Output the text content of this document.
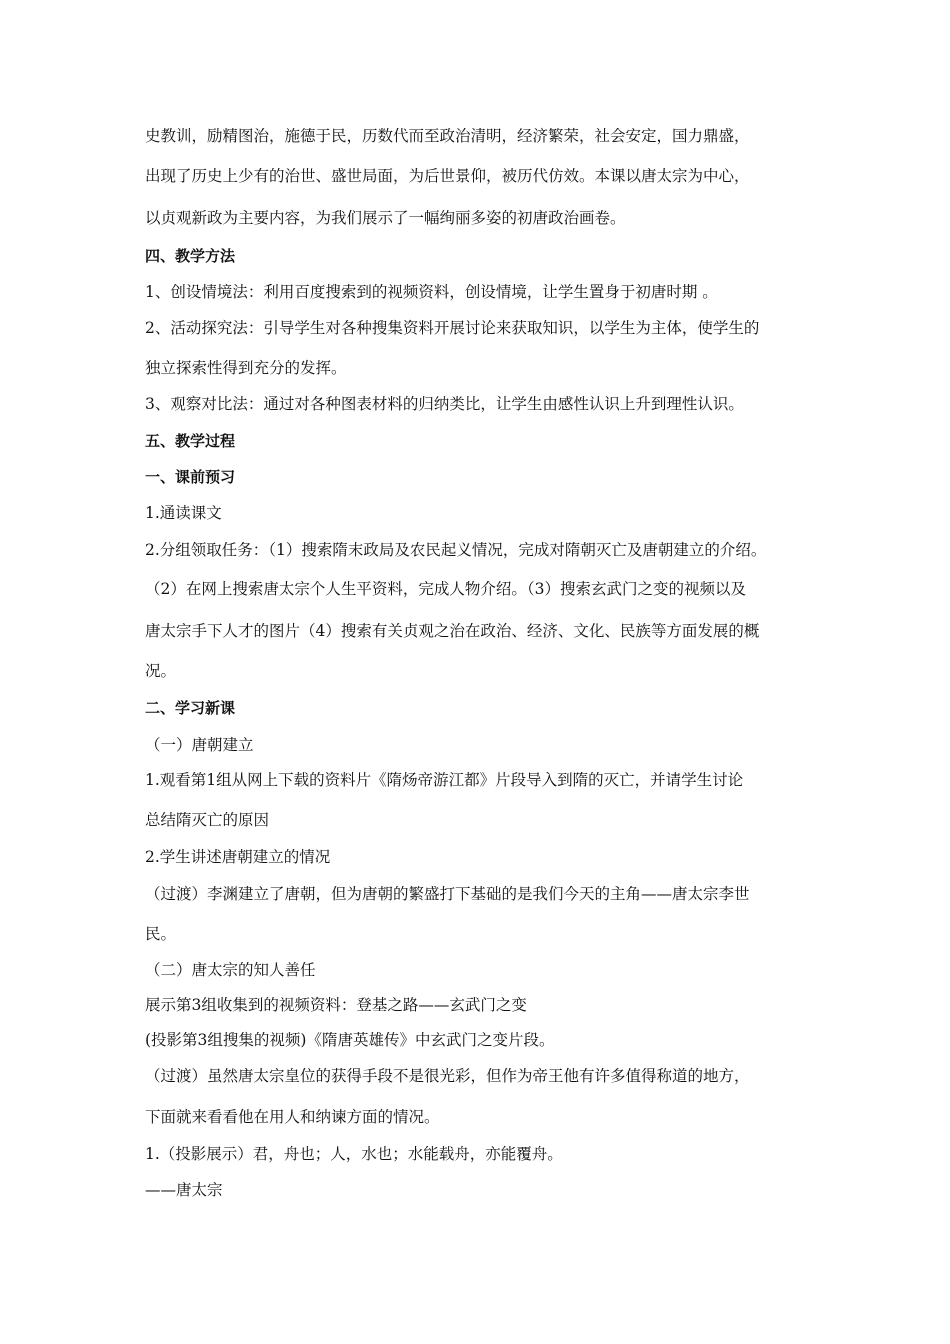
史教训，励精图治，施德于民，历数代而至政治清明，经济繁荣，社会安定，国力鼎盛，
出现了历史上少有的治世、盛世局面，为后世景仰，被历代仿效。本课以唐太宗为中心，
以贞观新政为主要内容，为我们展示了一幅绚丽多姿的初唐政治画卷。
四、教学方法
1、创设情境法：利用百度搜索到的视频资料，创设情境，让学生置身于初唐时期 。
2、活动探究法：引导学生对各种搜集资料开展讨论来获取知识，以学生为主体，使学生的
独立探索性得到充分的发挥。
3、观察对比法：通过对各种图表材料的归纳类比，让学生由感性认识上升到理性认识。
五、教学过程
一、课前预习
1.通读课文
2.分组领取任务：（1）搜索隋末政局及农民起义情况，完成对隋朝灭亡及唐朝建立的介绍。
（2）在网上搜索唐太宗个人生平资料，完成人物介绍。（3）搜索玄武门之变的视频以及
唐太宗手下人才的图片（4）搜索有关贞观之治在政治、经济、文化、民族等方面发展的概
况。
二、学习新课
（一）唐朝建立
1.观看第1组从网上下载的资料片《隋炀帝游江都》片段导入到隋的灭亡，并请学生讨论
总结隋灭亡的原因
2.学生讲述唐朝建立的情况
（过渡）李渊建立了唐朝，但为唐朝的繁盛打下基础的是我们今天的主角——唐太宗李世
民。
（二）唐太宗的知人善任
展示第3组收集到的视频资料：登基之路——玄武门之变
(投影第3组搜集的视频)《隋唐英雄传》中玄武门之变片段。
（过渡）虽然唐太宗皇位的获得手段不是很光彩，但作为帝王他有许多值得称道的地方，
下面就来看看他在用人和纳谏方面的情况。
1.（投影展示）君，舟也；人，水也；水能载舟，亦能覆舟。
——唐太宗
